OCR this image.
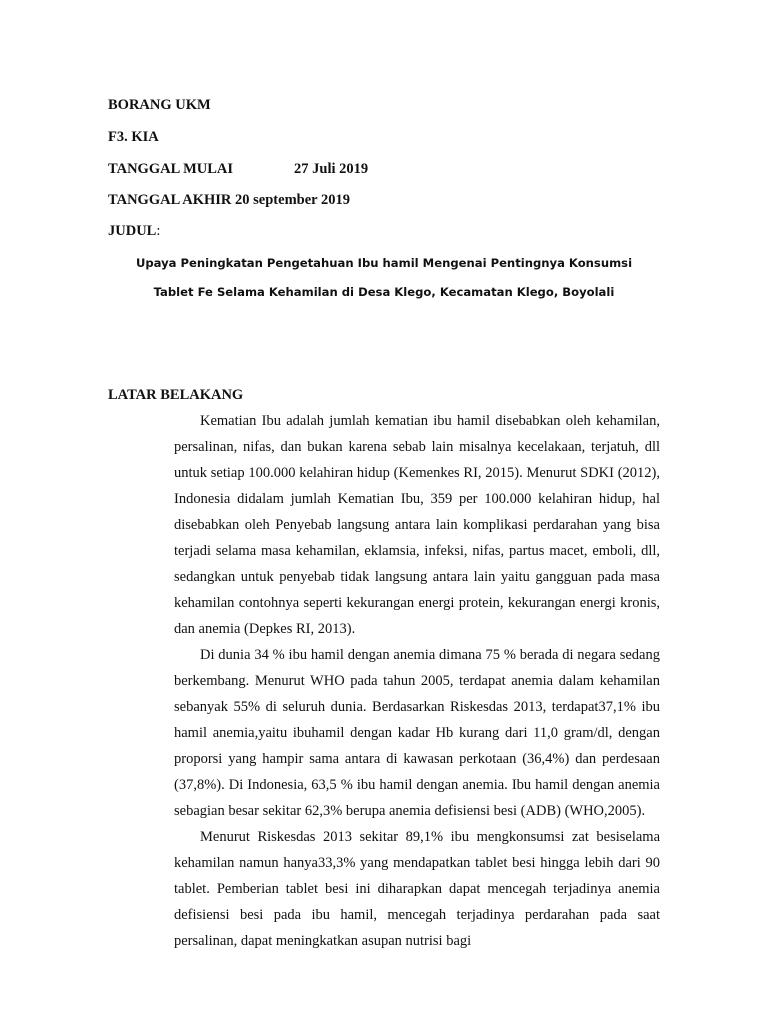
BORANG UKM
F3. KIA
TANGGAL MULAI	27 Juli 2019
TANGGAL AKHIR 20 september 2019
JUDUL:
Upaya Peningkatan Pengetahuan Ibu hamil Mengenai Pentingnya Konsumsi
Tablet Fe Selama Kehamilan di Desa Klego, Kecamatan Klego, Boyolali
LATAR BELAKANG

Kematian Ibu adalah jumlah kematian ibu hamil disebabkan oleh kehamilan, persalinan, nifas, dan bukan karena sebab lain misalnya kecelakaan, terjatuh, dll untuk setiap 100.000 kelahiran hidup (Kemenkes RI, 2015). Menurut SDKI (2012), Indonesia didalam jumlah Kematian Ibu, 359 per 100.000 kelahiran hidup, hal disebabkan oleh Penyebab langsung antara lain komplikasi perdarahan yang bisa terjadi selama masa kehamilan, eklamsia, infeksi, nifas, partus macet, emboli, dll, sedangkan untuk penyebab tidak langsung antara lain yaitu gangguan pada masa kehamilan contohnya seperti kekurangan energi protein, kekurangan energi kronis, dan anemia (Depkes RI, 2013).

Di dunia 34 % ibu hamil dengan anemia dimana 75 % berada di negara sedang berkembang. Menurut WHO pada tahun 2005, terdapat anemia dalam kehamilan sebanyak 55% di seluruh dunia. Berdasarkan Riskesdas 2013, terdapat37,1% ibu hamil anemia,yaitu ibuhamil dengan kadar Hb kurang dari 11,0 gram/dl, dengan proporsi yang hampir sama antara di kawasan perkotaan (36,4%) dan perdesaan (37,8%). Di Indonesia, 63,5 % ibu hamil dengan anemia. Ibu hamil dengan anemia sebagian besar sekitar 62,3% berupa anemia defisiensi besi (ADB) (WHO,2005).

Menurut Riskesdas 2013 sekitar 89,1% ibu mengkonsumsi zat besiselama kehamilan namun hanya33,3% yang mendapatkan tablet besi hingga lebih dari 90 tablet. Pemberian tablet besi ini diharapkan dapat mencegah terjadinya anemia defisiensi besi pada ibu hamil, mencegah terjadinya perdarahan pada saat persalinan, dapat meningkatkan asupan nutrisi bagi
